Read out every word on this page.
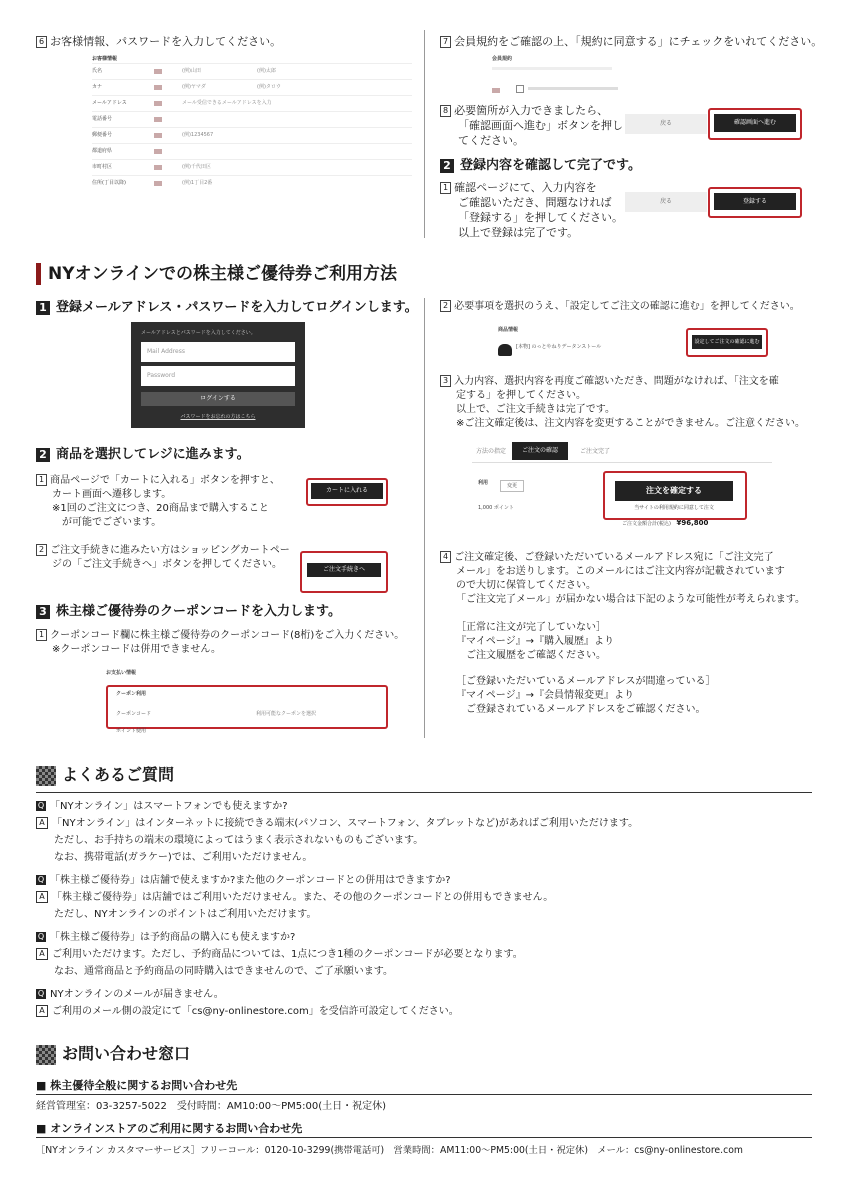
6 お客様情報、パスワードを入力してください。
お客様情報
氏名	(例)山田	(例)太郎
カナ	(例)ヤマダ	(例)タロウ
メールアドレス	メール受信できるメールアドレスを入力
電話番号
郵便番号	(例)1234567
都道府県
市町村区	(例)千代田区
住所(丁目以降)	(例)1丁目2番
7 会員規約をご確認の上、「規約に同意する」にチェックをいれてください。
会員規約
8 必要箇所が入力できましたら、
「確認画面へ進む」ボタンを押し
てください。
戻る	確認画面へ進む
2 登録内容を確認して完了です。
1 確認ページにて、入力内容を
ご確認いただき、問題なければ
「登録する」を押してください。
以上で登録は完了です。
戻る	登録する
NYオンラインでの株主様ご優待券ご利用方法
1 登録メールアドレス・パスワードを入力してログインします。
メールアドレスとパスワードを入力してください。
Mail Address
Password
ログインする
パスワードをお忘れの方はこちら
2 商品を選択してレジに進みます。
1 商品ページで「カートに入れる」ボタンを押すと、
カート画面へ遷移します。
※1回のご注文につき、20商品まで購入すること
　が可能でございます。
カートに入れる
2 ご注文手続きに進みたい方はショッピングカートペー
ジの「ご注文手続きへ」ボタンを押してください。	ご注文手続きへ
3 株主様ご優待券のクーポンコードを入力します。
1 クーポンコード欄に株主様ご優待券のクーポンコード(8桁)をご入力ください。
※クーポンコードは併用できません。
お支払い情報
クーポン利用
クーポンコード	利用可能なクーポンを選択
ポイント使用
2 必要事項を選択のうえ、「設定してご注文の確認に進む」を押してください。
商品情報
[本物] のっとやねりデータンストール
設定してご注文の確認に進む
3 入力内容、選択内容を再度ご確認いただき、問題がなければ、「注文を確
定する」を押してください。
以上で、ご注文手続きは完了です。
※ご注文確定後は、注文内容を変更することができません。ご注意ください。
方法の指定	ご注文の確認	ご注文完了
利用	変更
1,000 ポイント
注文を確定する
当サイトの利用規約に同意して注文
ご注文金額合計(税込) ¥96,800
4 ご注文確定後、ご登録いただいているメールアドレス宛に「ご注文完了
メール」をお送りします。このメールにはご注文内容が記載されています
ので大切に保管してください。
「ご注文完了メール」が届かない場合は下記のような可能性が考えられます。
［正常に注文が完了していない］
『マイページ』→『購入履歴』より
　ご注文履歴をご確認ください。
［ご登録いただいているメールアドレスが間違っている］
『マイページ』→『会員情報変更』より
　ご登録されているメールアドレスをご確認ください。
よくあるご質問
Q 「NYオンライン」はスマートフォンでも使えますか?
A 「NYオンライン」はインターネットに接続できる端末(パソコン、スマートフォン、タブレットなど)があればご利用いただけます。
ただし、お手持ちの端末の環境によってはうまく表示されないものもございます。
なお、携帯電話(ガラケー)では、ご利用いただけません。
Q 「株主様ご優待券」は店舗で使えますか?また他のクーポンコードとの併用はできますか?
A 「株主様ご優待券」は店舗ではご利用いただけません。また、その他のクーポンコードとの併用もできません。
ただし、NYオンラインのポイントはご利用いただけます。
Q 「株主様ご優待券」は予約商品の購入にも使えますか?
A ご利用いただけます。ただし、予約商品については、1点につき1種のクーポンコードが必要となります。
なお、通常商品と予約商品の同時購入はできませんので、ご了承願います。
Q NYオンラインのメールが届きません。
A ご利用のメール側の設定にて「cs@ny-onlinestore.com」を受信許可設定してください。
お問い合わせ窓口
■ 株主優待全般に関するお問い合わせ先
経営管理室：03-3257-5022　受付時間：AM10:00〜PM5:00(土日・祝定休)
■ オンラインストアのご利用に関するお問い合わせ先
［NYオンライン カスタマーサービス］フリーコール：0120-10-3299(携帯電話可)　営業時間：AM11:00〜PM5:00(土日・祝定休)　メール：cs@ny-onlinestore.com
